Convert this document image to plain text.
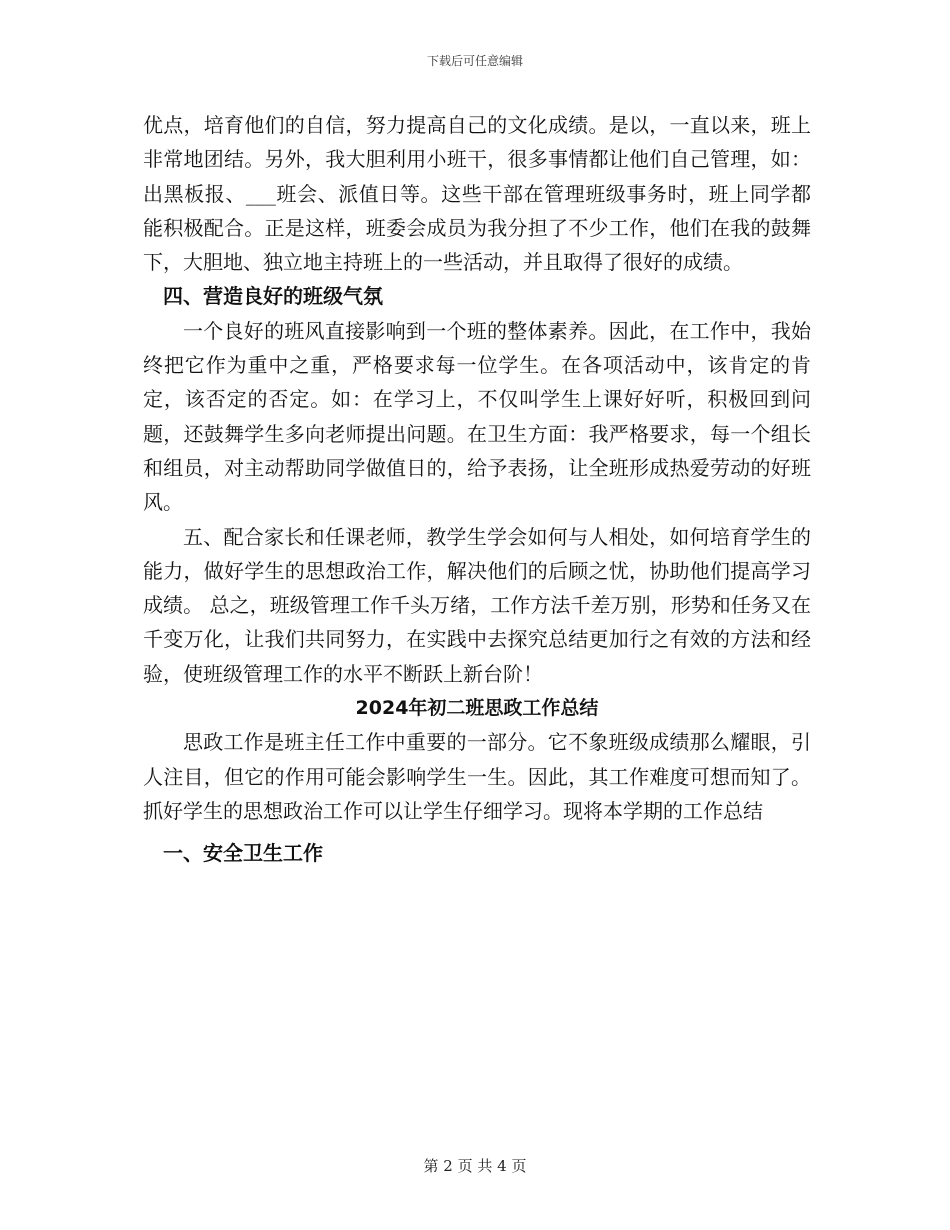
下载后可任意编辑

优点，培育他们的自信，努力提高自己的文化成绩。是以，一直以来，班上非常地团结。另外，我大胆利用小班干，很多事情都让他们自己管理，如：出黑板报、___班会、派值日等。这些干部在管理班级事务时，班上同学都能积极配合。正是这样，班委会成员为我分担了不少工作，他们在我的鼓舞下，大胆地、独立地主持班上的一些活动，并且取得了很好的成绩。

四、营造良好的班级气氛

一个良好的班风直接影响到一个班的整体素养。因此，在工作中，我始终把它作为重中之重，严格要求每一位学生。在各项活动中，该肯定的肯定，该否定的否定。如：在学习上，不仅叫学生上课好好听，积极回到问题，还鼓舞学生多向老师提出问题。在卫生方面：我严格要求，每一个组长和组员，对主动帮助同学做值日的，给予表扬，让全班形成热爱劳动的好班风。

五、配合家长和任课老师，教学生学会如何与人相处，如何培育学生的能力，做好学生的思想政治工作，解决他们的后顾之忧，协助他们提高学习成绩。 总之，班级管理工作千头万绪，工作方法千差万别，形势和任务又在千变万化，让我们共同努力，在实践中去探究总结更加行之有效的方法和经验，使班级管理工作的水平不断跃上新台阶！

2024年初二班思政工作总结

思政工作是班主任工作中重要的一部分。它不象班级成绩那么耀眼，引人注目，但它的作用可能会影响学生一生。因此，其工作难度可想而知了。抓好学生的思想政治工作可以让学生仔细学习。现将本学期的工作总结

一、安全卫生工作

第 2 页 共 4 页
